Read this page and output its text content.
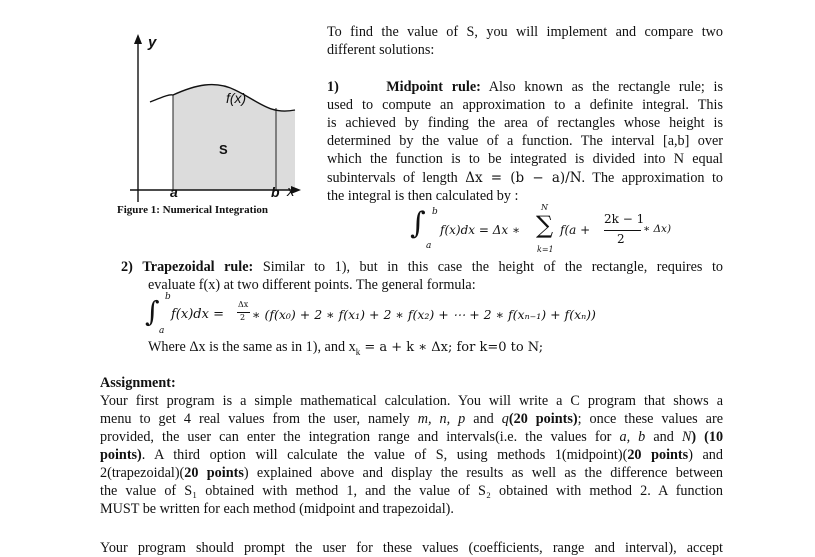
y
f(x)
S
a	b x
Figure 1: Numerical Integration
To find the value of S, you will implement and compare two
different solutions:
1)	Midpoint rule: Also known as the rectangle rule; is
used to compute an approximation to a definite integral. This
is achieved by finding the area of rectangles whose height is
determined by the value of a function. The interval [a,b] over
which the function is to be integrated is divided into N equal
subintervals of length Δx = (b − a)/N. The approximation to
the integral is then calculated by :
∫ b
a
f(x)dx = Δx ∗
N
∑
k=1
f(a +
2k − 1
2
∗ Δx)
2) Trapezoidal rule: Similar to 1), but in this case the height of the rectangle, requires to
evaluate f(x) at two different points. The general formula:
∫ b
a
f(x)dx =
Δx
2 ∗ (f(x₀) + 2 ∗ f(x₁) + 2 ∗ f(x₂) + ⋯ + 2 ∗ f(xₙ₋₁) + f(xₙ))
Where Δx is the same as in 1), and $x_k = a + k$ ∗ Δx; for k=0 to N;
Assignment:
Your first program is a simple mathematical calculation. You will write a C program that shows a
menu to get 4 real values from the user, namely m, n, p and q(20 points); once these values are
provided, the user can enter the integration range and intervals(i.e. the values for a, b and N) (10
points). A third option will calculate the value of S, using methods 1(midpoint)(20 points) and
2(trapezoidal)(20 points) explained above and display the results as well as the difference between
the value of S₁ obtained with method 1, and the value of S₂ obtained with method 2. A function
MUST be written for each method (midpoint and trapezoidal).
Your program should prompt the user for these values (coefficients, range and interval), accept
